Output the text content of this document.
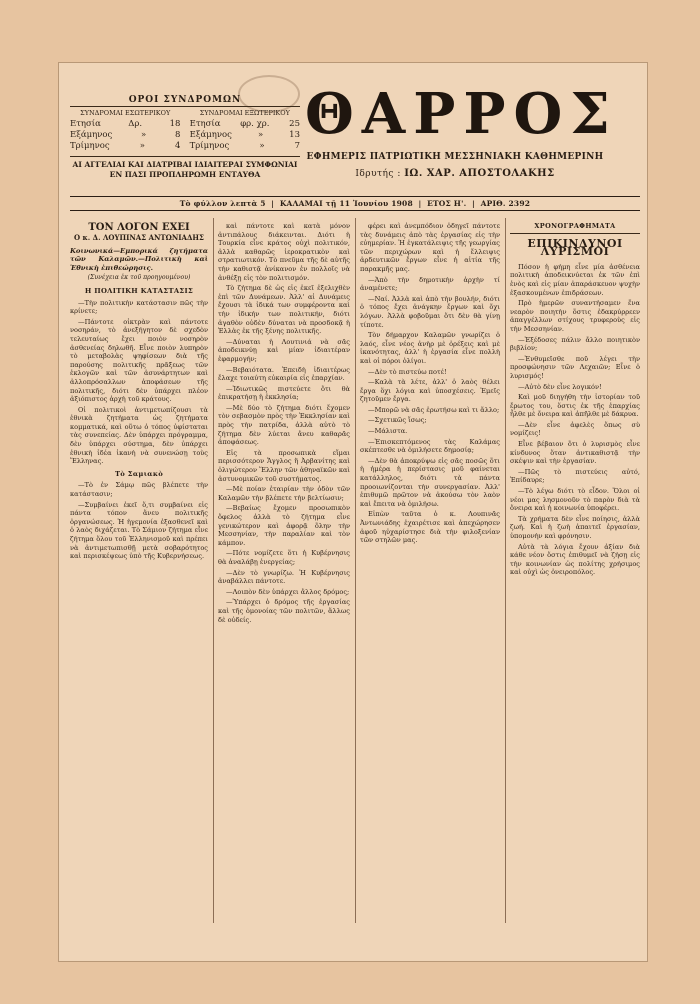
ΟΡΟΙ ΣΥΝΔΡΟΜΩΝ
ΣΥΝΔΡΟΜΑΙ ΕΣΩΤΕΡΙΚΟΥ
Ετησία	Δρ.	18
Εξάμηνος	»	8
Τρίμηνος	»	4
ΣΥΝΔΡΟΜΑΙ ΕΞΩΤΕΡΙΚΟΥ
Ετησία φρ. χρ. 25
Εξάμηνος	»	13
Τρίμηνος	»	7
ΑΙ ΑΓΓΕΛΙΑΙ ΚΑΙ ΔΙΑΤΡΙΒΑΙ ΙΔΙΑΙΤΕΡΑΙ ΣΥΜΦΩΝΙΑΙ
ΕΝ ΠΑΣΙ ΠΡΟΠΛΗΡΩΜΗ ΕΝΤΑΥΘΑ
ΘΑΡΡΟΣ
ΕΦΗΜΕΡΙΣ ΠΑΤΡΙΩΤΙΚΗ ΜΕΣΣΗΝΙΑΚΗ ΚΑΘΗΜΕΡΙΝΗ
Ιδρυτής : ΙΩ. ΧΑΡ. ΑΠΟΣΤΟΛΑΚΗΣ
Τὸ φύλλον λεπτὰ 5  |  ΚΑΛΑΜΑΙ τῇ 11 Ἰουνίου 1908  |  ΕΤΟΣ Η'.  |  ΑΡΙΘ. 2392
ΤΟΝ ΛΟΓΟΝ ΕΧΕΙ
Ο κ. Δ. ΛΟΥΠΙΝΑΣ ΑΝΤΩΝΙΑΔΗΣ
Κοινωνικά—Εμπορικά ζητήματα τῶν Καλαμῶν.—Πολιτικὴ καὶ Ἐθνικὴ ἐπιθεώρησις.
(Συνέχεια ἐκ τοῦ προηγουμένου)
Η ΠΟΛΙΤΙΚΗ ΚΑΤΑΣΤΑΣΙΣ

—Τὴν πολιτικὴν κατάστασιν πῶς τὴν κρίνετε;

—Πάντοτε οἰκτρὰν καὶ πάντοτε νοσηράν, τὸ ἀνεξήγητον δὲ σχεδὸν τελευταίως ἔχει ποιὸν νοσηρὸν ἀσθενείας δηλωθῆ. Εἶνε ποιὸν λυπηρὸν τὸ μεταβολὰς ψηφίσεων διὰ τῆς παρούσης πολιτικῆς πρᾶξεως τῶν ἐκλογῶν καὶ τῶν ἀσυνάρτητων καὶ ἀλλοπρόσαλλων ἀποφάσεων τῆς πολιτικῆς, διότι δὲν ὑπάρχει πλέον ἀξιόπιστος ἀρχὴ τοῦ κράτους.

Οἱ πολιτικοὶ ἀντιμετωπίζουσι τὰ ἐθνικὰ ζητήματα ὡς ζητήματα κομματικά, καὶ οὕτω ὁ τόπος ὑφίσταται τὰς συνεπείας. Δὲν ὑπάρχει πρόγραμμα, δὲν ὑπάρχει σύστημα, δὲν ὑπάρχει ἐθνικὴ ἰδέα ἱκανὴ νὰ συνενώσῃ τοὺς Ἕλληνας.

Τὸ Σαμιακὸ

—Τὸ ἐν Σάμῳ πῶς βλέπετε τὴν κατάστασιν;

—Συμβαίνει ἐκεῖ ὅ,τι συμβαίνει εἰς πάντα τόπον ἄνευ πολιτικῆς ὀργανώσεως. Ἡ ἡγεμονία ἐξασθενεῖ καὶ ὁ λαὸς διχάζεται. Τὸ Σάμιον ζήτημα εἶνε ζήτημα ὅλου τοῦ Ἑλληνισμοῦ καὶ πρέπει νὰ ἀντιμετωπισθῇ μετὰ σοβαρότητος καὶ περισκέψεως ὑπὸ τῆς Κυβερνήσεως.

καὶ πάντοτε καὶ κατὰ μόνον ἀντιπάλους διάκεινται. Διότι ἡ Τουρκία εἶνε κράτος οὐχὶ πολιτικόν, ἀλλὰ καθαρῶς ἱεροκρατικὸν καὶ στρατιωτικόν. Τὸ πνεῦμα τῆς δὲ αὐτῆς τὴν καθιστᾷ ἀνίκανον ἐν πολλοῖς νὰ ἀνθέξῃ εἰς τὸν πολιτισμόν.

Τὸ ζήτημα δὲ ὡς εἰς ἐκεῖ ἐξελιχθὲν ἐπὶ τῶν Δυνάμεων. Ἀλλ' αἱ Δυνάμεις ἔχουσι τὰ ἰδικά των συμφέροντα καὶ τὴν ἰδικήν των πολιτικήν, διότι ἀγαθὸν οὐδὲν δύναται νὰ προσδοκᾷ ἡ Ἑλλὰς ἐκ τῆς ξένης πολιτικῆς.

—Δύναται ἡ Λουτινιά νὰ σᾶς ἀποδεικνύῃ καὶ μίαν ἰδιαιτέραν ἐφαρμογήν;

—Βεβαιότατα. Ἐπειδὴ ἰδιαιτέρως ἔλαχε τοιαύτη εὐκαιρία εἰς ἐπαρχίαν.

—Ἰδιωτικῶς πιστεύετε ὅτι θὰ ἐπικρατήσῃ ἡ ἐκκλησία;

—Μὲ δύο τὸ ζήτημα διότι ἔχομεν τὸν σεβασμὸν πρὸς τὴν Ἑκκλησίαν καὶ πρὸς τὴν πατρίδα, ἀλλὰ αὐτὸ τὸ ζήτημα δὲν λύεται ἄνευ καθαρᾶς ἀποφάσεως.

Εἰς τὰ προσωπικὰ εἴμαι περισσότερον Ἄγγλος ἢ Ἀρβανίτης καὶ ὁλιγώτερον Ἕλλην τῶν ἀθηναϊκῶν καὶ ἀστυνομικῶν τοῦ συστήματος.

—Μὲ ποίαν ἑταιρίαν τὴν ὁδὸν τῶν Καλαμῶν τὴν βλέπετε τὴν βελτίωσιν;

—Βεβαίως ἔχομεν προσωπικὸν ὄφελος ἀλλὰ τὸ ζήτημα εἶνε γενικώτερον καὶ ἀφορᾷ ὅλην τὴν Μεσσηνίαν, τὴν παραλίαν καὶ τὸν κάμπον.

—Πότε νομίζετε ὅτι ἡ Κυβέρνησις θὰ ἀναλάβῃ ἐνεργείας;

—Δὲν τὸ γνωρίζω. Ἡ Κυβέρνησις ἀναβάλλει πάντοτε.

—Λοιπὸν δὲν ὑπάρχει ἄλλος δρόμος;

—Ὑπάρχει ὁ δρόμος τῆς ἐργασίας καὶ τῆς ὁμονοίας τῶν πολιτῶν, ἄλλως δὲ οὐδείς.

φέρει καὶ ἀνεμπόδιον ὁδηγεῖ πάντοτε τὰς δυνάμεις ἀπὸ τὰς ἐργασίας εἰς τὴν εὐημερίαν. Ἡ ἐγκατάλειψις τῆς γεωργίας τῶν περιχώρων καὶ ἡ ἔλλειψις ἀρδευτικῶν ἔργων εἶνε ἡ αἰτία τῆς παρακμῆς μας.

—Ἀπὸ τὴν δημοτικὴν ἀρχὴν τί ἀναμένετε;

—Ναί. Ἀλλὰ καὶ ἀπὸ τὴν βουλήν, διότι ὁ τόπος ἔχει ἀνάγκην ἔργων καὶ ὄχι λόγων. Ἀλλὰ φοβοῦμαι ὅτι δὲν θὰ γίνῃ τίποτε.

Τὸν δήμαρχον Καλαμῶν γνωρίζει ὁ λαός, εἶνε νέος ἀνὴρ μὲ ὀρέξεις καὶ μὲ ἱκανότητας, ἀλλ' ἡ ἐργασία εἶνε πολλὴ καὶ οἱ πόροι ὀλίγοι.

—Δὲν τὸ πιστεύω ποτέ!

—Καλὰ τὰ λέτε, ἀλλ' ὁ λαὸς θέλει ἔργα ὅχι λόγια καὶ ὑποσχέσεις. Ἐμεῖς ζητοῦμεν ἔργα.

—Μπορῶ νὰ σᾶς ἐρωτήσω καὶ τι ἄλλο;

—Σχετικῶς ἴσως;

—Μάλιστα.

—Ἐπισκεπτόμενος τὰς Καλάμας σκέπτεσθε νὰ ὁμιλήσετε δημοσίᾳ;

—Δὲν θὰ ἀποκρύψω εἰς σᾶς ποσῶς ὅτι ἡ ἡμέρα ἡ περίστασις μοῦ φαίνεται κατάλληλος, διότι τὰ πάντα προοιωνίζονται τὴν συνεργασίαν. Ἀλλ' ἐπιθυμῶ πρῶτον νὰ ἀκούσω τὸν λαὸν καὶ ἔπειτα νὰ ὁμιλήσω.

Εἰπὼν ταῦτα ὁ κ. Λουπινᾶς Ἀντωνιάδης ἐχαιρέτισε καὶ ἀπεχώρησεν ἀφοῦ ηὐχαρίστησε διὰ τὴν φιλοξενίαν τῶν στηλῶν μας.

ΧΡΟΝΟΓΡΑΦΗΜΑΤΑ
ΕΠΙΚΙΝΔΥΝΟΙ ΛΥΡΙΣΜΟΙ

Πόσον ἡ φήμη εἶνε μία ἀσθένεια πολιτικὴ ἀποδεικνύεται ἐκ τῶν ἐπὶ ἑνὸς καὶ εἰς μίαν ἀπαράσκευον ψυχὴν ἐξασκουμένων ἐπιδράσεων.

Πρὸ ἡμερῶν συναντήσαμεν ἕνα νεαρὸν ποιητὴν ὅστις ἐδακρύρρεεν ἀπαγγέλλων στίχους τρυφεροὺς εἰς τὴν Μεσσηνίαν.

—Ἐξέδοσες πάλιν ἄλλο ποιητικὸν βιβλίον;

—Ἐνθυμεῖσθε ποῦ λέγει τὴν προσφώνησιν τῶν Λεχαιῶν; Εἶνε ὁ λυρισμός!

—Αὐτὸ δὲν εἶνε λογικόν!

Καὶ μοῦ διηγήθη τὴν ἱστορίαν τοῦ ἔρωτος του, ὅστις ἐκ τῆς ἐπαρχίας ἦλθε μὲ ὄνειρα καὶ ἀπῆλθε μὲ δάκρυα.

—Δὲν εἶνε ἀφελὲς ὅπως σὺ νομίζεις!

Εἶνε βέβαιον ὅτι ὁ λυρισμὸς εἶνε κίνδυνος ὅταν ἀντικαθιστᾷ τὴν σκέψιν καὶ τὴν ἐργασίαν.

—Πῶς τὸ πιστεύεις αὐτό, Ἐπίδαυρε;

—Τὸ λέγω διότι τὸ εἶδον. Ὅλοι οἱ νέοι μας λησμονοῦν τὸ παρὸν διὰ τὰ ὄνειρα καὶ ἡ κοινωνία ὑποφέρει.

Τὰ χρήματα δὲν εἶνε ποίησις, ἀλλὰ ζωή. Καὶ ἡ ζωὴ ἀπαιτεῖ ἐργασίαν, ὑπομονὴν καὶ φρόνησιν.

Αὐτὰ τὰ λόγια ἔχουν ἀξίαν διὰ κάθε νέον ὅστις ἐπιθυμεῖ νὰ ζήσῃ εἰς τὴν κοινωνίαν ὡς πολίτης χρήσιμος καὶ οὐχὶ ὡς ὀνειροπόλος.
